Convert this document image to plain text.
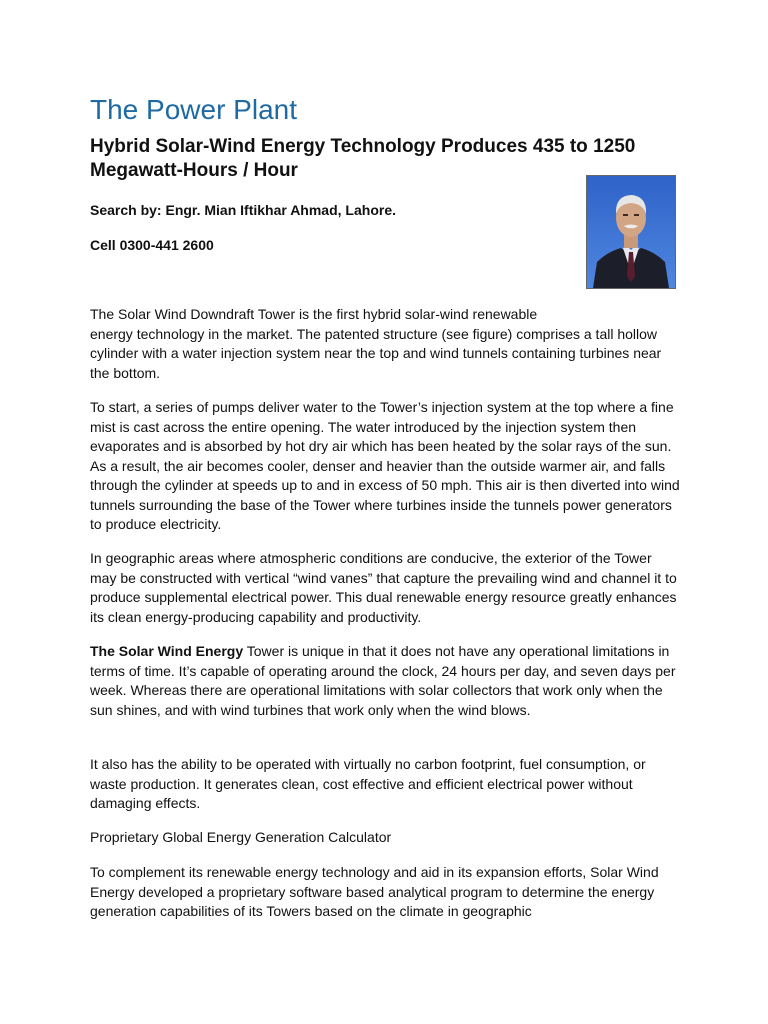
The Power Plant
Hybrid Solar-Wind Energy Technology Produces 435 to 1250 Megawatt-Hours / Hour

Search by: Engr. Mian Iftikhar Ahmad, Lahore.

Cell 0300-441 2600

The Solar Wind Downdraft Tower is the first hybrid solar-wind renewable
energy technology in the market. The patented structure (see figure) comprises a tall hollow cylinder with a water injection system near the top and wind tunnels containing turbines near the bottom.

To start, a series of pumps deliver water to the Tower’s injection system at the top where a fine mist is cast across the entire opening. The water introduced by the injection system then evaporates and is absorbed by hot dry air which has been heated by the solar rays of the sun. As a result, the air becomes cooler, denser and heavier than the outside warmer air, and falls through the cylinder at speeds up to and in excess of 50 mph. This air is then diverted into wind tunnels surrounding the base of the Tower where turbines inside the tunnels power generators to produce electricity.

In geographic areas where atmospheric conditions are conducive, the exterior of the Tower may be constructed with vertical “wind vanes” that capture the prevailing wind and channel it to produce supplemental electrical power. This dual renewable energy resource greatly enhances its clean energy-producing capability and productivity.

The Solar Wind Energy Tower is unique in that it does not have any operational limitations in terms of time. It’s capable of operating around the clock, 24 hours per day, and seven days per week. Whereas there are operational limitations with solar collectors that work only when the sun shines, and with wind turbines that work only when the wind blows.

It also has the ability to be operated with virtually no carbon footprint, fuel consumption, or waste production. It generates clean, cost effective and efficient electrical power without damaging effects.

Proprietary Global Energy Generation Calculator

To complement its renewable energy technology and aid in its expansion efforts, Solar Wind Energy developed a proprietary software based analytical program to determine the energy generation capabilities of its Towers based on the climate in geographic
